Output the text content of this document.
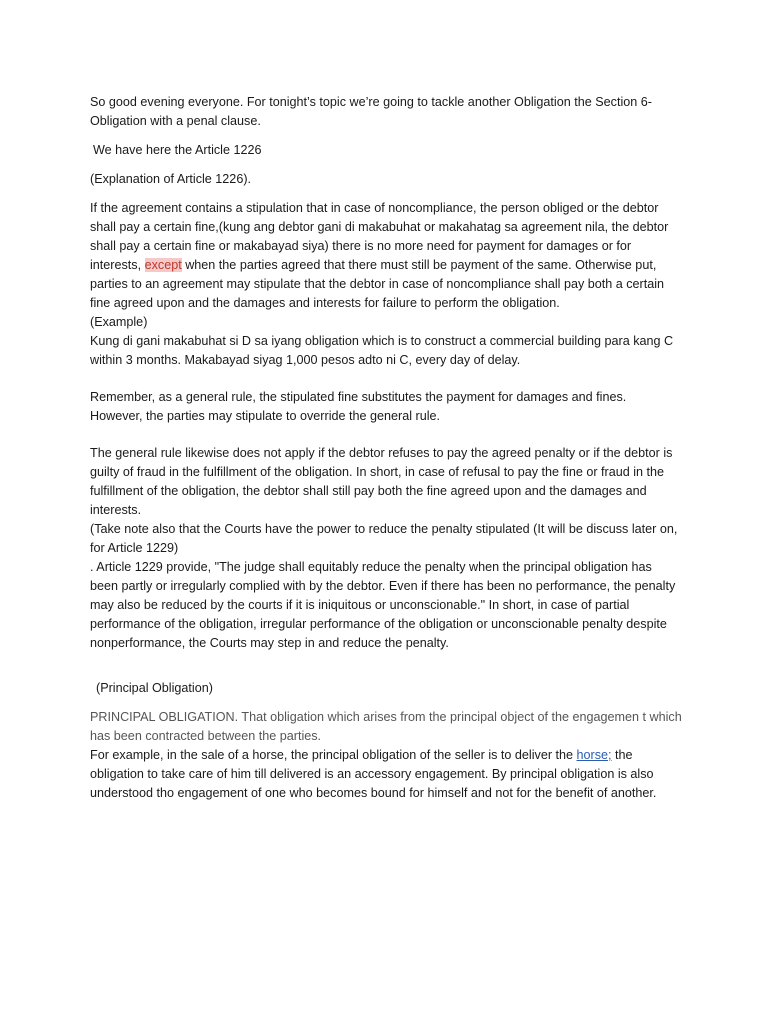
So good evening everyone. For tonight’s topic we’re going to tackle another Obligation the Section 6- Obligation with a penal clause.

We have here the Article 1226

(Explanation of Article 1226).

If the agreement contains a stipulation that in case of noncompliance, the person obliged or the debtor shall pay a certain fine,(kung ang debtor gani di makabuhat or makahatag sa agreement nila, the debtor shall pay a certain fine or makabayad siya) there is no more need for payment for damages or for interests, except when the parties agreed that there must still be payment of the same. Otherwise put, parties to an agreement may stipulate that the debtor in case of noncompliance shall pay both a certain fine agreed upon and the damages and interests for failure to perform the obligation.

(Example)

Kung di gani makabuhat si D sa iyang obligation which is to construct a commercial building para kang C within 3 months. Makabayad siyag 1,000 pesos adto ni C, every day of delay.

Remember, as a general rule, the stipulated fine substitutes the payment for damages and fines. However, the parties may stipulate to override the general rule.

The general rule likewise does not apply if the debtor refuses to pay the agreed penalty or if the debtor is guilty of fraud in the fulfillment of the obligation. In short, in case of refusal to pay the fine or fraud in the fulfillment of the obligation, the debtor shall still pay both the fine agreed upon and the damages and interests.

(Take note also that the Courts have the power to reduce the penalty stipulated (It will be discuss later on, for Article 1229)

. Article 1229 provide, "The judge shall equitably reduce the penalty when the principal obligation has been partly or irregularly complied with by the debtor. Even if there has been no performance, the penalty may also be reduced by the courts if it is iniquitous or unconscionable." In short, in case of partial performance of the obligation, irregular performance of the obligation or unconscionable penalty despite nonperformance, the Courts may step in and reduce the penalty.

(Principal Obligation)

PRINCIPAL OBLIGATION. That obligation which arises from the principal object of the engagemen t which has been contracted between the parties.

For example, in the sale of a horse, the principal obligation of the seller is to deliver the horse; the obligation to take care of him till delivered is an accessory engagement. By principal obligation is alsounderstood tho engagement of one who becomes bound for himself and not for the benefit of another.
